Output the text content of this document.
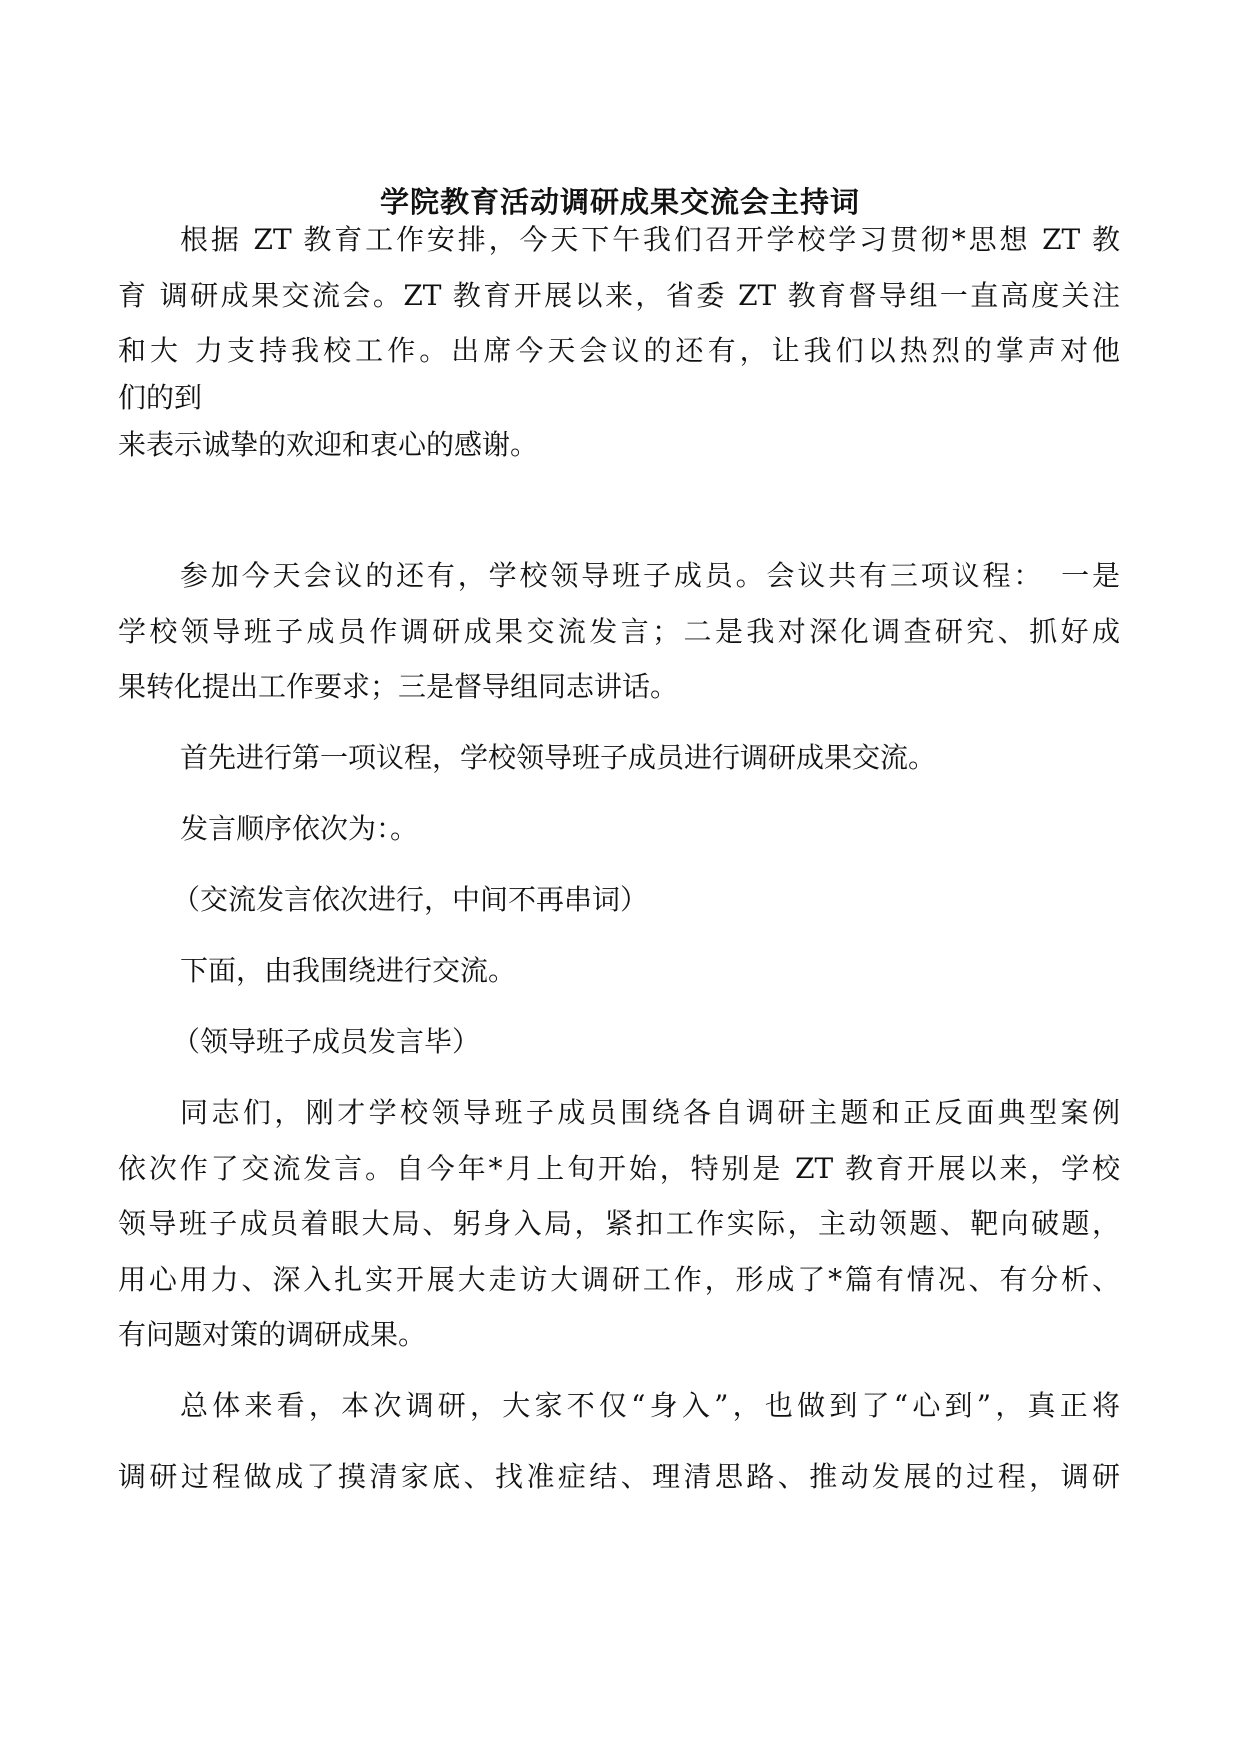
学院教育活动调研成果交流会主持词
根据 ZT 教育工作安排，今天下午我们召开学校学习贯彻*思想 ZT 教
育 调研成果交流会。ZT 教育开展以来，省委 ZT 教育督导组一直高度关注
和大 力支持我校工作。出席今天会议的还有，让我们以热烈的掌声对他
们的到
来表示诚挚的欢迎和衷心的感谢。
参加今天会议的还有，学校领导班子成员。会议共有三项议程：　一是
学校领导班子成员作调研成果交流发言；二是我对深化调查研究、抓好成
果转化提出工作要求；三是督导组同志讲话。
首先进行第一项议程，学校领导班子成员进行调研成果交流。
发言顺序依次为：。
（交流发言依次进行，中间不再串词）
下面，由我围绕进行交流。
（领导班子成员发言毕）
同志们，刚才学校领导班子成员围绕各自调研主题和正反面典型案例
依次作了交流发言。自今年*月上旬开始，特别是 ZT 教育开展以来，学校
领导班子成员着眼大局、躬身入局，紧扣工作实际，主动领题、靶向破题，
用心用力、深入扎实开展大走访大调研工作，形成了*篇有情况、有分析、
有问题对策的调研成果。
总体来看，本次调研，大家不仅“身入”，也做到了“心到”，真正将
调研过程做成了摸清家底、找准症结、理清思路、推动发展的过程，调研
